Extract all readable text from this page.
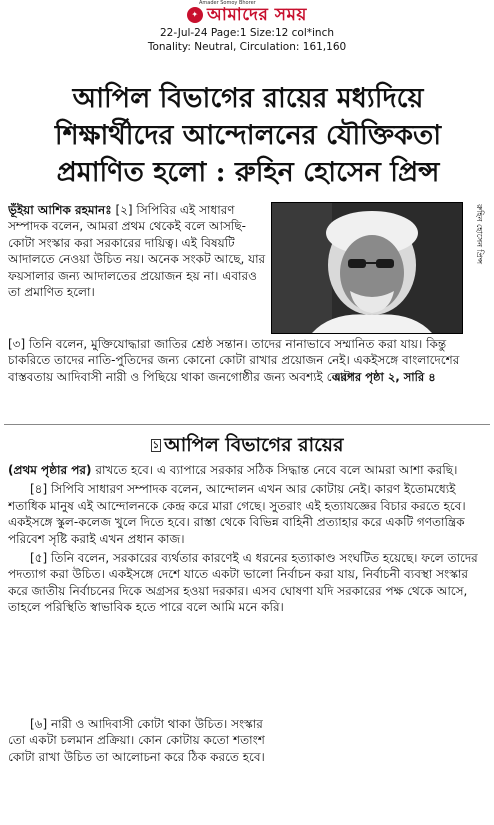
Amader Somoy Bhorer
✦ আমাদের সময়
22-Jul-24 Page:1 Size:12 col*inch
Tonality: Neutral, Circulation: 161,160
আপিল বিভাগের রায়ের মধ্যদিয়ে
শিক্ষার্থীদের আন্দোলনের যৌক্তিকতা
প্রমাণিত হলো : রুহিন হোসেন প্রিন্স
ভূঁইয়া আশিক রহমানঃ [২] সিপিবির এই সাধারণ সম্পাদক বলেন, আমরা প্রথম থেকেই বলে আসছি- কোটা সংস্কার করা সরকারের দায়িত্ব। এই বিষয়টি আদালতে নেওয়া উচিত নয়। অনেক সংকট আছে, যার ফয়সালার জন্য আদালতের প্রয়োজন হয় না। এবারও তা প্রমাণিত হলো।
রুহিন হোসেন প্রিন্স
[৩] তিনি বলেন, মুক্তিযোদ্ধারা জাতির শ্রেষ্ঠ সন্তান। তাদের নানাভাবে সম্মানিত করা যায়। কিন্তু চাকরিতে তাদের নাতি-পুতিদের জন্য কোনো কোটা রাখার প্রয়োজন নেই। একইসঙ্গে বাংলাদেশের বাস্তবতায় আদিবাসী নারী ও পিছিয়ে থাকা জনগোষ্ঠীর জন্য অবশ্যই কোটা
এরপর পৃষ্ঠা ২, সারি ৪
১ আপিল বিভাগের রায়ের

(প্রথম পৃষ্ঠার পর) রাখতে হবে। এ ব্যাপারে সরকার সঠিক সিদ্ধান্ত নেবে বলে আমরা আশা করছি।

[৪] সিপিবি সাধারণ সম্পাদক বলেন, আন্দোলন এখন আর কোটায় নেই। কারণ ইতোমধ্যেই শতাধিক মানুষ এই আন্দোলনকে কেন্দ্র করে মারা গেছে। সুতরাং এই হত্যাযজ্ঞের বিচার করতে হবে। একইসঙ্গে স্কুল-কলেজ খুলে দিতে হবে। রাস্তা থেকে বিভিন্ন বাহিনী প্রত্যাহার করে একটি গণতান্ত্রিক পরিবেশ সৃষ্টি করাই এখন প্রধান কাজ।

[৫] তিনি বলেন, সরকারের ব্যর্থতার কারণেই এ ধরনের হত্যাকাণ্ড সংঘটিত হয়েছে। ফলে তাদের পদত্যাগ করা উচিত। একইসঙ্গে দেশে যাতে একটা ভালো নির্বাচন করা যায়, নির্বাচনী ব্যবস্থা সংস্কার করে জাতীয় নির্বাচনের দিকে অগ্রসর হওয়া দরকার। এসব ঘোষণা যদি সরকারের পক্ষ থেকে আসে, তাহলে পরিস্থিতি স্বাভাবিক হতে পারে বলে আমি মনে করি।

[৬] নারী ও আদিবাসী কোটা থাকা উচিত। সংস্কার তো একটা চলমান প্রক্রিয়া। কোন কোটায় কতো শতাংশ কোটা রাখা উচিত তা আলোচনা করে ঠিক করতে হবে।
